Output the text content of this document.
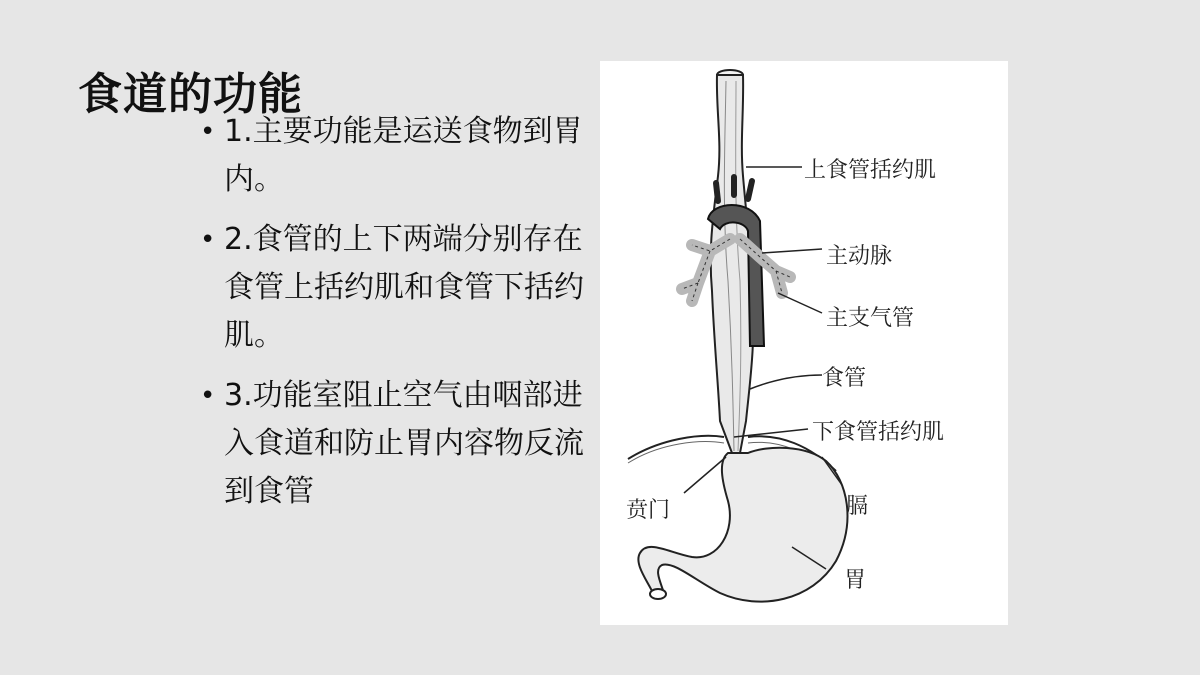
食道的功能
• 1.主要功能是运送食物到胃内。
• 2.食管的上下两端分别存在食管上括约肌和食管下括约肌。
• 3.功能室阻止空气由咽部进入食道和防止胃内容物反流到食管
上食管括约肌
主动脉
主支气管
食管
下食管括约肌
贲门	膈
胃
